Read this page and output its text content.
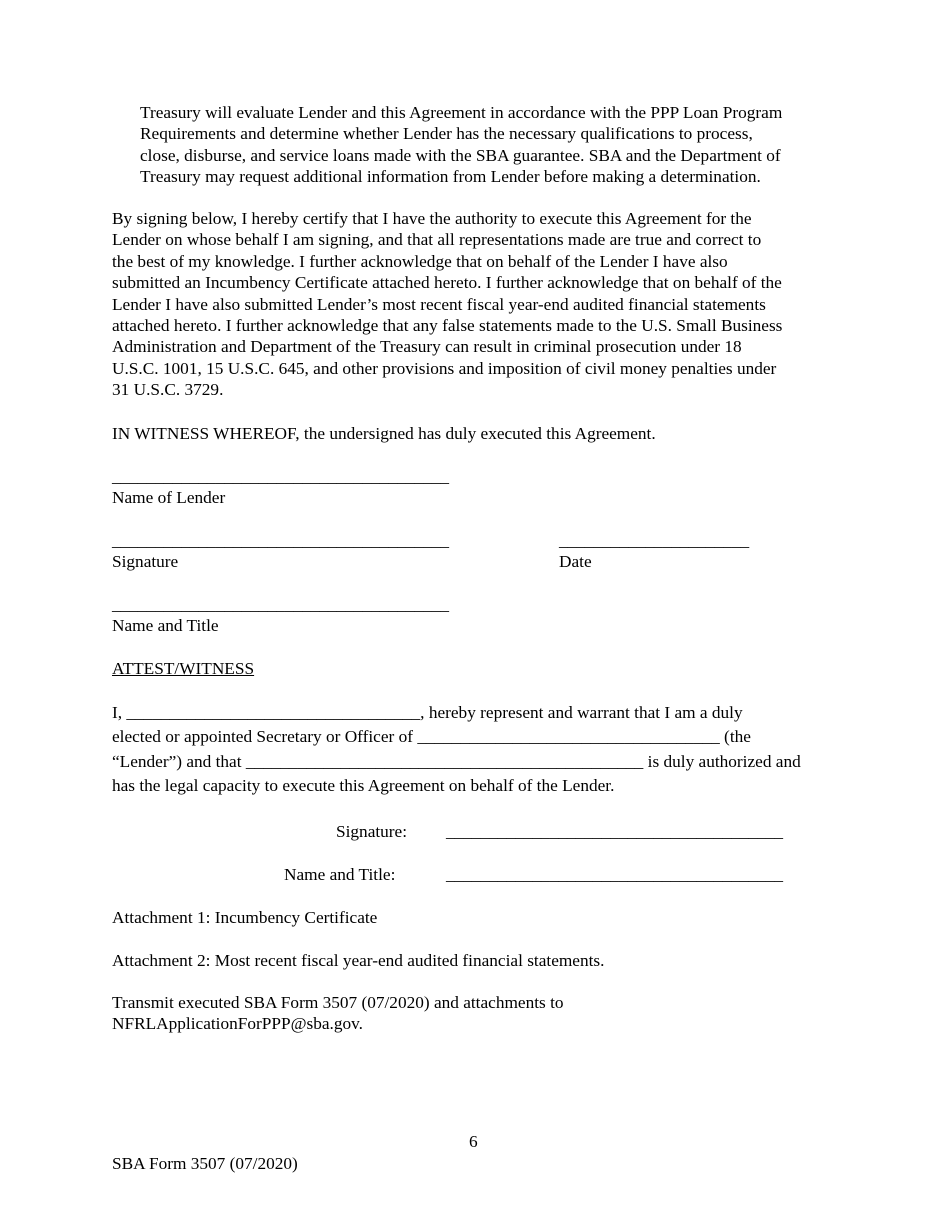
Treasury will evaluate Lender and this Agreement in accordance with the PPP Loan Program

Requirements and determine whether Lender has the necessary qualifications to process,

close, disburse, and service loans made with the SBA guarantee. SBA and the Department of

Treasury may request additional information from Lender before making a determination.

By signing below, I hereby certify that I have the authority to execute this Agreement for the

Lender on whose behalf I am signing, and that all representations made are true and correct to

the best of my knowledge. I further acknowledge that on behalf of the Lender I have also

submitted an Incumbency Certificate attached hereto. I further acknowledge that on behalf of the

Lender I have also submitted Lender’s most recent fiscal year-end audited financial statements

attached hereto. I further acknowledge that any false statements made to the U.S. Small Business

Administration and Department of the Treasury can result in criminal prosecution under 18

U.S.C. 1001, 15 U.S.C. 645, and other provisions and imposition of civil money penalties under

31 U.S.C. 3729.

IN WITNESS WHEREOF, the undersigned has duly executed this Agreement.

_______________________________________

Name of Lender

_______________________________________

Signature

______________________

Date

_______________________________________

Name and Title

ATTEST/WITNESS

I, __________________________________, hereby represent and warrant that I am a duly

elected or appointed Secretary or Officer of ___________________________________ (the

“Lender”) and that ______________________________________________ is duly authorized and

has the legal capacity to execute this Agreement on behalf of the Lender.

Signature: _______________________________________

Name and Title:	_______________________________________

Attachment 1: Incumbency Certificate

Attachment 2: Most recent fiscal year-end audited financial statements.

Transmit executed SBA Form 3507 (07/2020) and attachments to

NFRLApplicationForPPP@sba.gov.

6

SBA Form 3507 (07/2020)
